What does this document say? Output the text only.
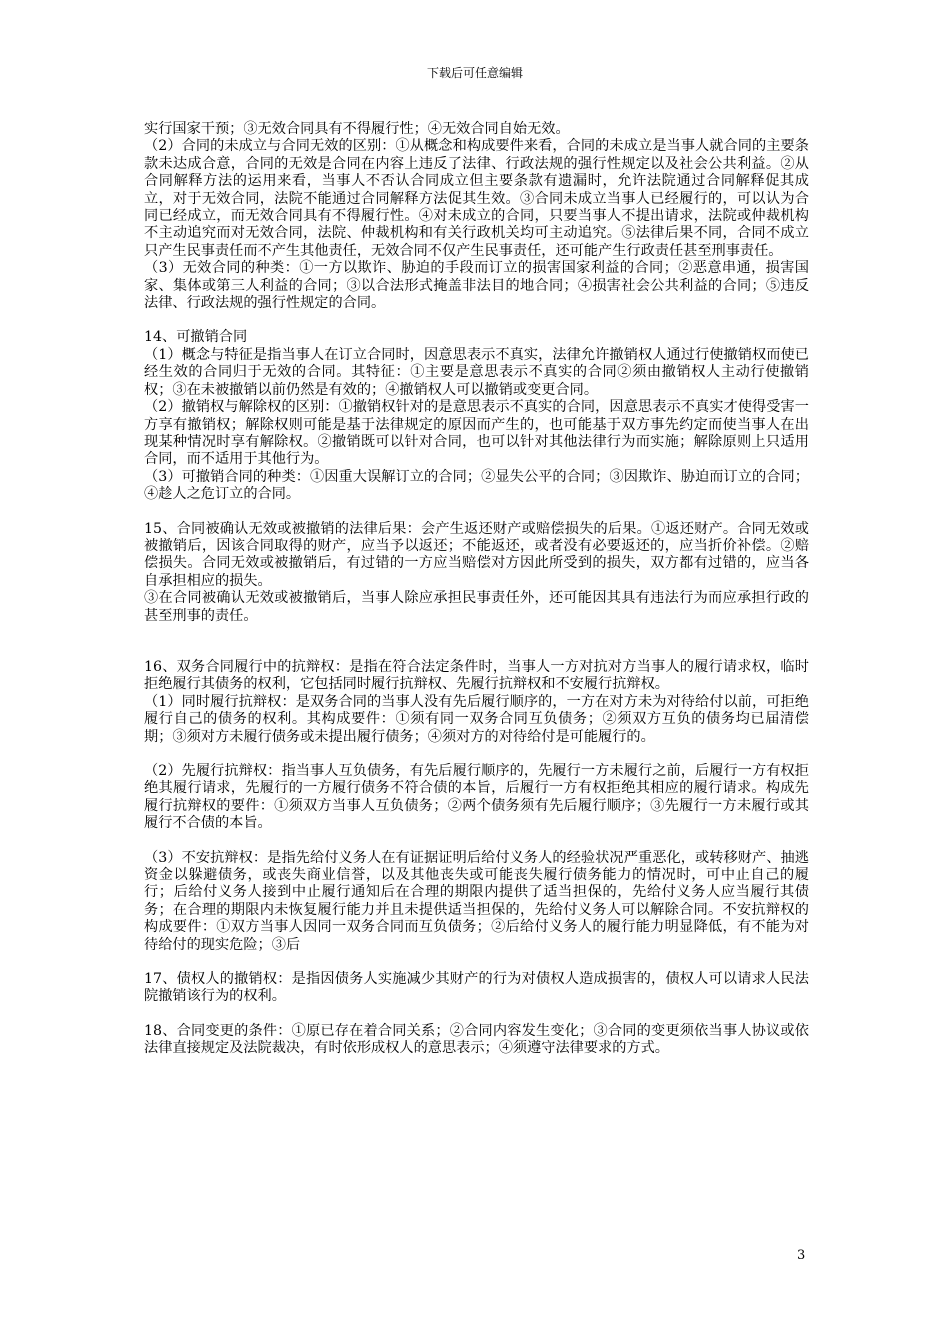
下载后可任意编辑

实行国家干预；③无效合同具有不得履行性；④无效合同自始无效。

（2）合同的未成立与合同无效的区别：①从概念和构成要件来看，合同的未成立是当事人就合同的主要条款未达成合意，合同的无效是合同在内容上违反了法律、行政法规的强行性规定以及社会公共利益。②从合同解释方法的运用来看，当事人不否认合同成立但主要条款有遗漏时，允许法院通过合同解释促其成立，对于无效合同，法院不能通过合同解释方法促其生效。③合同未成立当事人已经履行的，可以认为合同已经成立，而无效合同具有不得履行性。④对未成立的合同，只要当事人不提出请求，法院或仲裁机构不主动追究而对无效合同，法院、仲裁机构和有关行政机关均可主动追究。⑤法律后果不同，合同不成立只产生民事责任而不产生其他责任，无效合同不仅产生民事责任，还可能产生行政责任甚至刑事责任。

（3）无效合同的种类：①一方以欺诈、胁迫的手段而订立的损害国家利益的合同；②恶意串通，损害国家、集体或第三人利益的合同；③以合法形式掩盖非法目的地合同；④损害社会公共利益的合同；⑤违反法律、行政法规的强行性规定的合同。

14、可撤销合同

（1）概念与特征是指当事人在订立合同时，因意思表示不真实，法律允许撤销权人通过行使撤销权而使已经生效的合同归于无效的合同。其特征：①主要是意思表示不真实的合同②须由撤销权人主动行使撤销权；③在未被撤销以前仍然是有效的；④撤销权人可以撤销或变更合同。

（2）撤销权与解除权的区别：①撤销权针对的是意思表示不真实的合同，因意思表示不真实才使得受害一方享有撤销权；解除权则可能是基于法律规定的原因而产生的，也可能基于双方事先约定而使当事人在出现某种情况时享有解除权。②撤销既可以针对合同，也可以针对其他法律行为而实施；解除原则上只适用合同，而不适用于其他行为。

（3）可撤销合同的种类：①因重大误解订立的合同；②显失公平的合同；③因欺诈、胁迫而订立的合同；④趁人之危订立的合同。

15、合同被确认无效或被撤销的法律后果：会产生返还财产或赔偿损失的后果。①返还财产。合同无效或被撤销后，因该合同取得的财产，应当予以返还；不能返还，或者没有必要返还的，应当折价补偿。②赔偿损失。合同无效或被撤销后，有过错的一方应当赔偿对方因此所受到的损失，双方都有过错的，应当各自承担相应的损失。

③在合同被确认无效或被撤销后，当事人除应承担民事责任外，还可能因其具有违法行为而应承担行政的甚至刑事的责任。

16、双务合同履行中的抗辩权：是指在符合法定条件时，当事人一方对抗对方当事人的履行请求权，临时拒绝履行其债务的权利，它包括同时履行抗辩权、先履行抗辩权和不安履行抗辩权。

（1）同时履行抗辩权：是双务合同的当事人没有先后履行顺序的，一方在对方未为对待给付以前，可拒绝履行自己的债务的权利。其构成要件：①须有同一双务合同互负债务；②须双方互负的债务均已届清偿期；③须对方未履行债务或未提出履行债务；④须对方的对待给付是可能履行的。

（2）先履行抗辩权：指当事人互负债务，有先后履行顺序的，先履行一方未履行之前，后履行一方有权拒绝其履行请求，先履行的一方履行债务不符合债的本旨，后履行一方有权拒绝其相应的履行请求。构成先履行抗辩权的要件：①须双方当事人互负债务；②两个债务须有先后履行顺序；③先履行一方未履行或其履行不合债的本旨。

（3）不安抗辩权：是指先给付义务人在有证据证明后给付义务人的经验状况严重恶化，或转移财产、抽逃资金以躲避债务，或丧失商业信誉，以及其他丧失或可能丧失履行债务能力的情况时，可中止自己的履行；后给付义务人接到中止履行通知后在合理的期限内提供了适当担保的，先给付义务人应当履行其债务；在合理的期限内未恢复履行能力并且未提供适当担保的，先给付义务人可以解除合同。不安抗辩权的构成要件：①双方当事人因同一双务合同而互负债务；②后给付义务人的履行能力明显降低，有不能为对待给付的现实危险；③后

17、债权人的撤销权：是指因债务人实施减少其财产的行为对债权人造成损害的，债权人可以请求人民法院撤销该行为的权利。

18、合同变更的条件：①原已存在着合同关系；②合同内容发生变化；③合同的变更须依当事人协议或依法律直接规定及法院裁决，有时依形成权人的意思表示；④须遵守法律要求的方式。

3
